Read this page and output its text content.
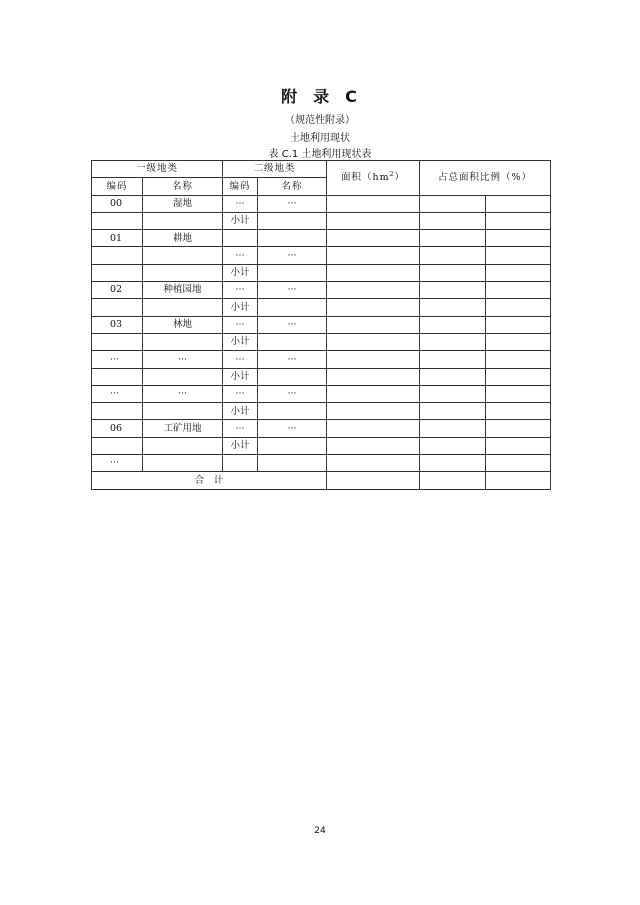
附 录 C
（规范性附录）
土地利用现状
表 C.1 土地利用现状表
一级地类		二级地类		面积$(hm^2)$	占总面积比例（%）	
编码	名称	编码	名称			
00	湿地	···	···			
		小计				
01	耕地					
		···	···			
		小计				
02	种植园地	···	···			
		小计				
03	林地	···	···			
		小计				
···	···	···	···			
		小计				
···	···	···	···			
		小计				
06	工矿用地	···	···			
		小计				
···						
合　计						
24
